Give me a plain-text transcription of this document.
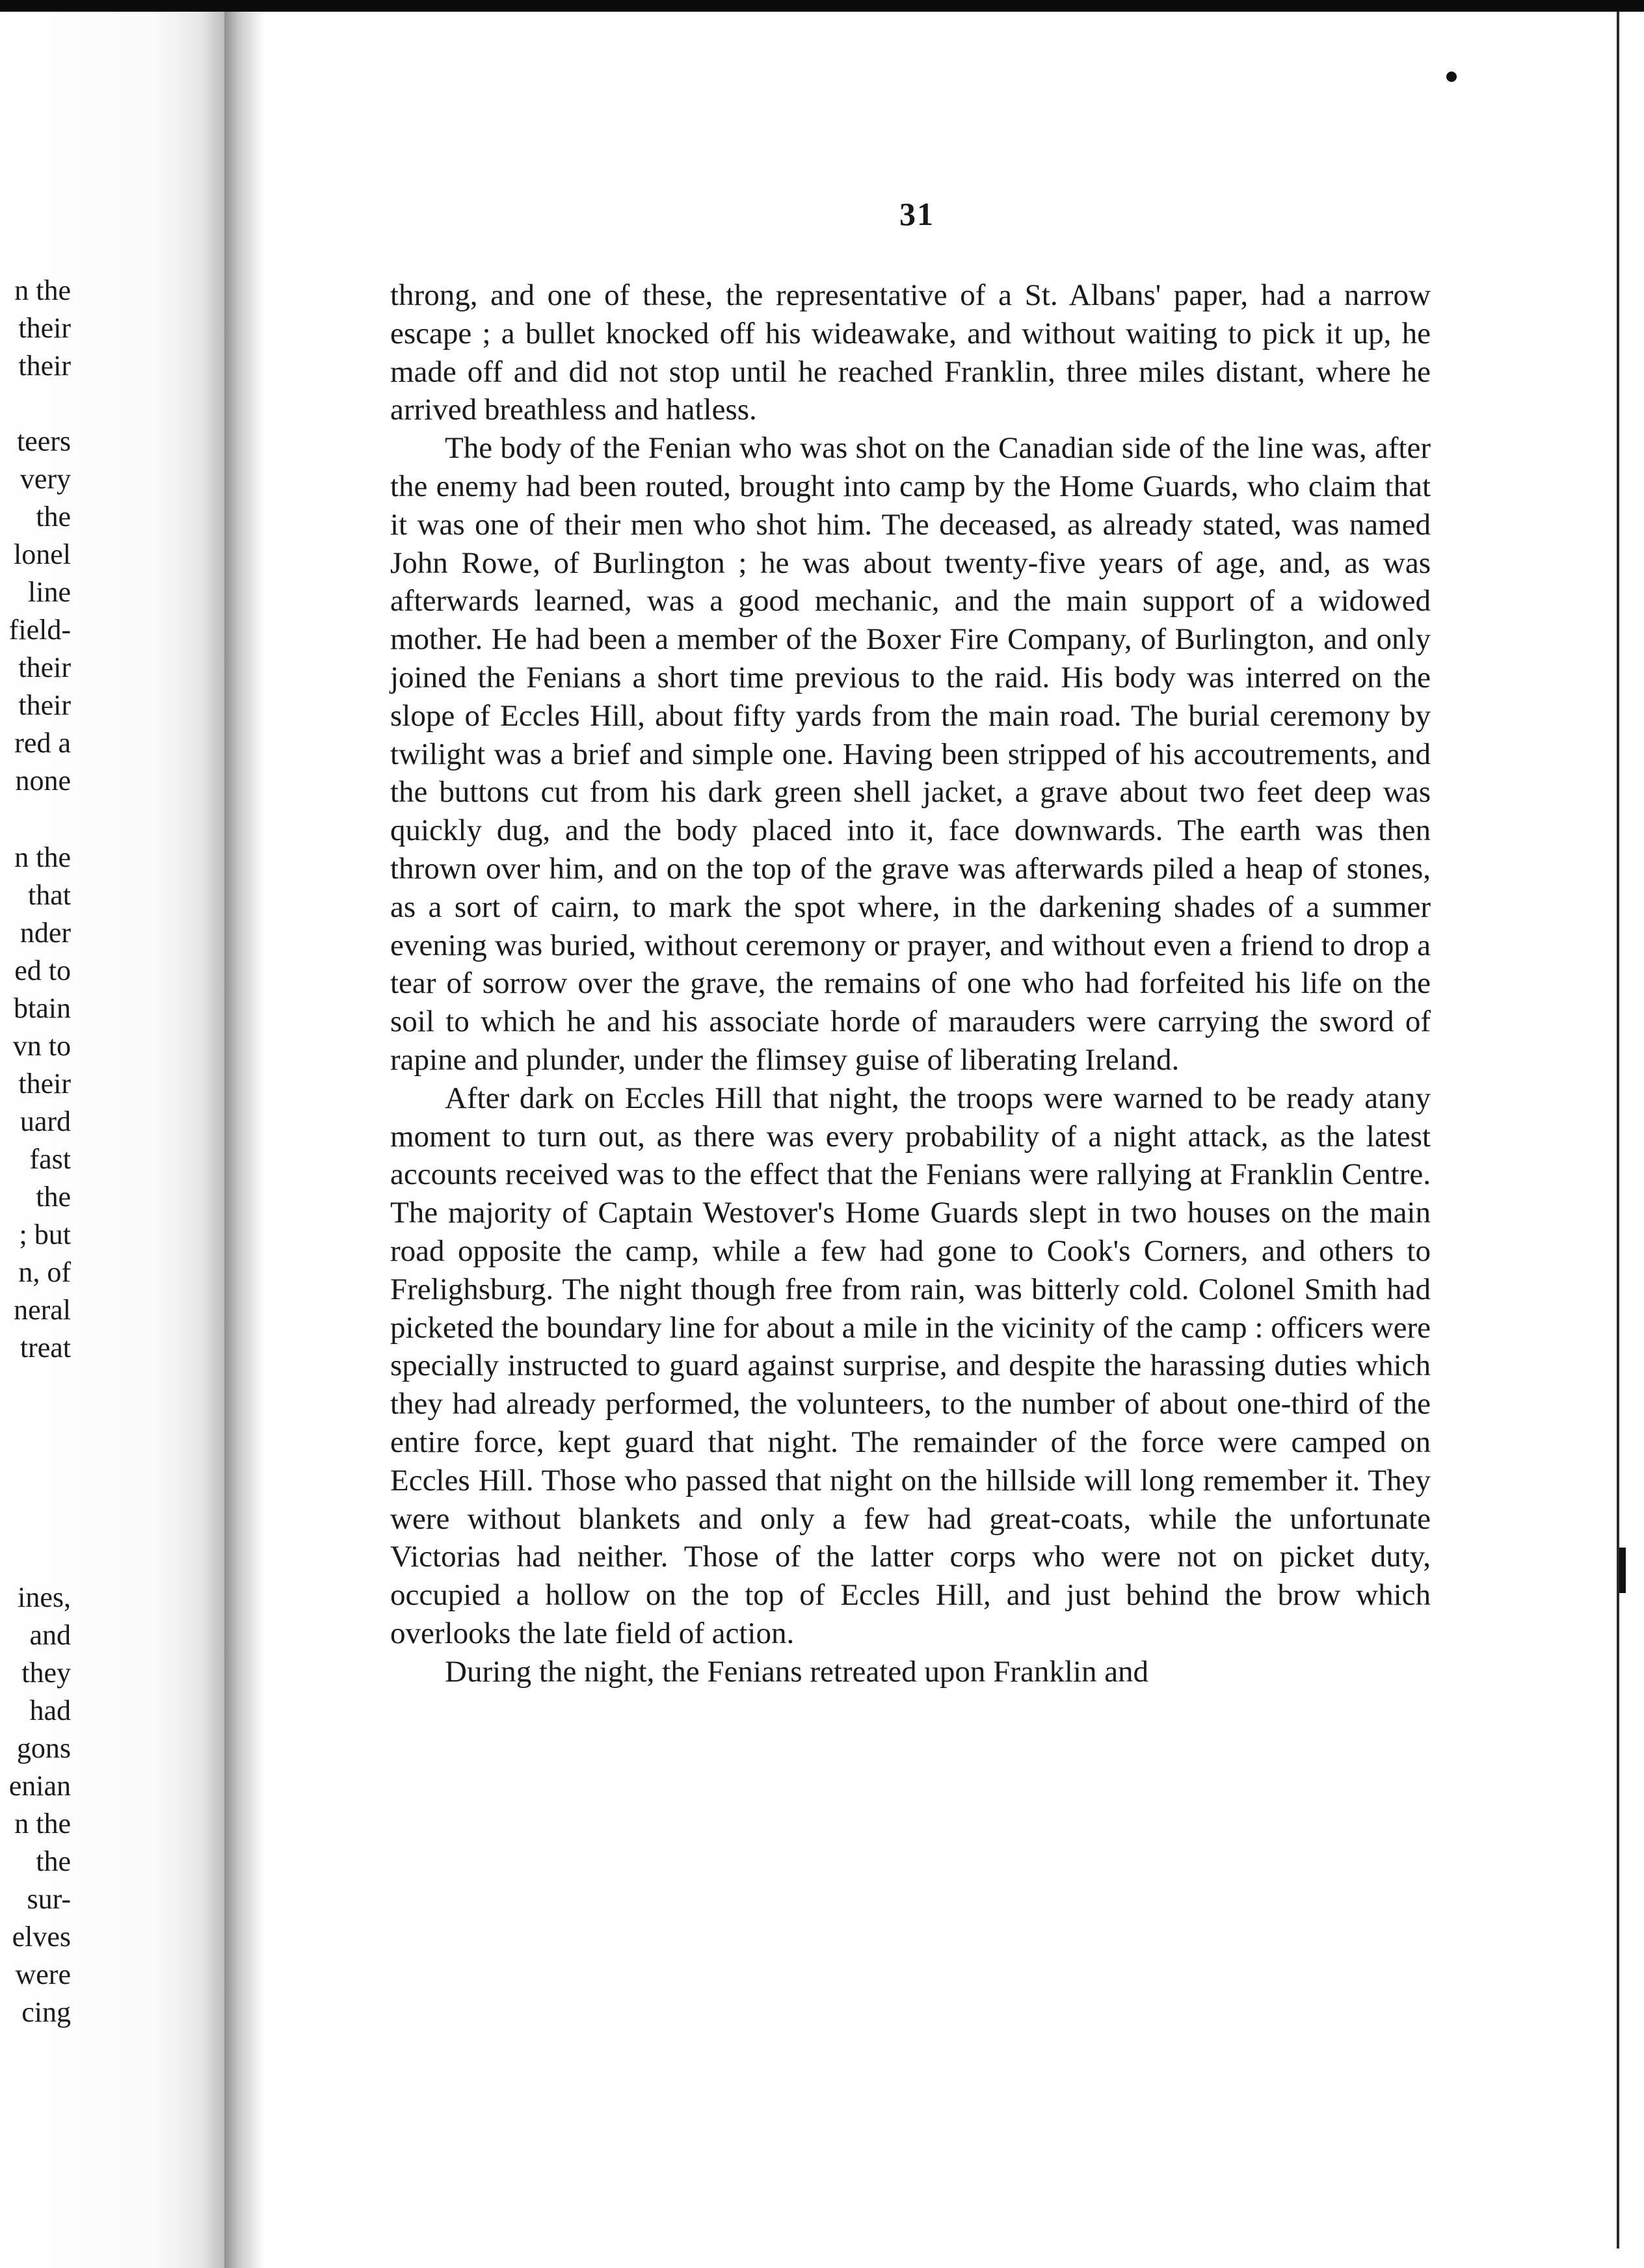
n the
their
their
teers
very
the
lonel
line
field-
their
their
red a
none
n the
that
nder
ed to
btain
vn to
their
uard
fast
the
; but
n, of
neral
treat
ines,
and
they
had
gons
enian
n the
the
sur-
elves
were
cing
31

throng, and one of these, the representative of a St. Albans' paper, had a narrow escape ; a bullet knocked off his wideawake, and without waiting to pick it up, he made off and did not stop until he reached Franklin, three miles distant, where he arrived breathless and hatless.

The body of the Fenian who was shot on the Canadian side of the line was, after the enemy had been routed, brought into camp by the Home Guards, who claim that it was one of their men who shot him. The deceased, as already stated, was named John Rowe, of Burlington ; he was about twenty-five years of age, and, as was afterwards learned, was a good mechanic, and the main support of a widowed mother. He had been a member of the Boxer Fire Company, of Burlington, and only joined the Fenians a short time previous to the raid. His body was interred on the slope of Eccles Hill, about fifty yards from the main road. The burial ceremony by twilight was a brief and simple one. Having been stripped of his accoutrements, and the buttons cut from his dark green shell jacket, a grave about two feet deep was quickly dug, and the body placed into it, face downwards. The earth was then thrown over him, and on the top of the grave was afterwards piled a heap of stones, as a sort of cairn, to mark the spot where, in the darkening shades of a summer evening was buried, without ceremony or prayer, and without even a friend to drop a tear of sorrow over the grave, the remains of one who had forfeited his life on the soil to which he and his associate horde of marauders were carrying the sword of rapine and plunder, under the flimsey guise of liberating Ireland.

After dark on Eccles Hill that night, the troops were warned to be ready atany moment to turn out, as there was every probability of a night attack, as the latest accounts received was to the effect that the Fenians were rallying at Franklin Centre. The majority of Captain Westover's Home Guards slept in two houses on the main road opposite the camp, while a few had gone to Cook's Corners, and others to Frelighsburg. The night though free from rain, was bitterly cold. Colonel Smith had picketed the boundary line for about a mile in the vicinity of the camp : officers were specially instructed to guard against surprise, and despite the harassing duties which they had already performed, the volunteers, to the number of about one-third of the entire force, kept guard that night. The remainder of the force were camped on Eccles Hill. Those who passed that night on the hillside will long remember it. They were without blankets and only a few had great-coats, while the unfortunate Victorias had neither. Those of the latter corps who were not on picket duty, occupied a hollow on the top of Eccles Hill, and just behind the brow which overlooks the late field of action.

During the night, the Fenians retreated upon Franklin and
